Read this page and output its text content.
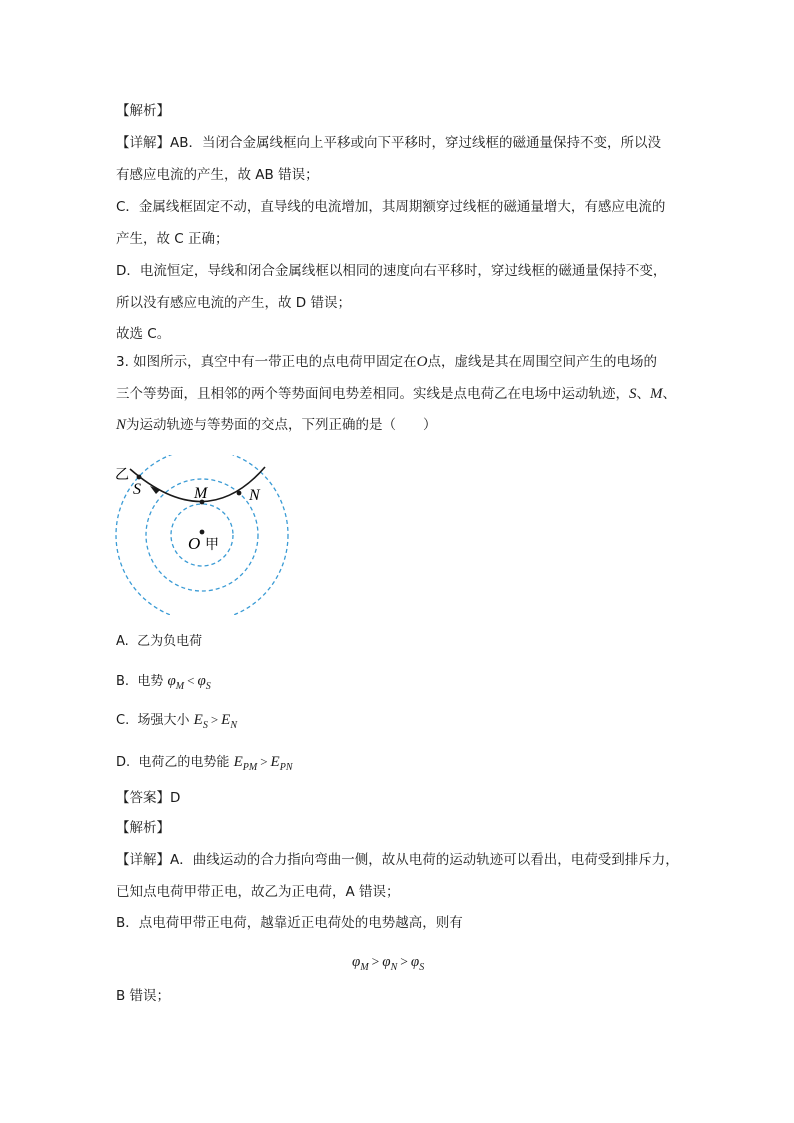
【解析】
【详解】AB．当闭合金属线框向上平移或向下平移时，穿过线框的磁通量保持不变，所以没
有感应电流的产生，故 AB 错误；
C．金属线框固定不动，直导线的电流增加，其周期额穿过线框的磁通量增大，有感应电流的
产生，故 C 正确；
D．电流恒定，导线和闭合金属线框以相同的速度向右平移时，穿过线框的磁通量保持不变，
所以没有感应电流的产生，故 D 错误；
故选 C。
3. 如图所示，真空中有一带正电的点电荷甲固定在O点，虚线是其在周围空间产生的电场的
三个等势面，且相邻的两个等势面间电势差相同。实线是点电荷乙在电场中运动轨迹，S、M、
N为运动轨迹与等势面的交点，下列正确的是（　　）
乙
S	M	N
O 甲
A. 乙为负电荷
B. 电势 $\varphi_M < \varphi_S$
C. 场强大小 $E_S > E_N$
D. 电荷乙的电势能 $E_{PM} > E_{PN}$
【答案】D
【解析】
【详解】A．曲线运动的合力指向弯曲一侧，故从电荷的运动轨迹可以看出，电荷受到排斥力，
已知点电荷甲带正电，故乙为正电荷，A 错误；
B．点电荷甲带正电荷，越靠近正电荷处的电势越高，则有
$\varphi_M > \varphi_N > \varphi_S$
B 错误；
